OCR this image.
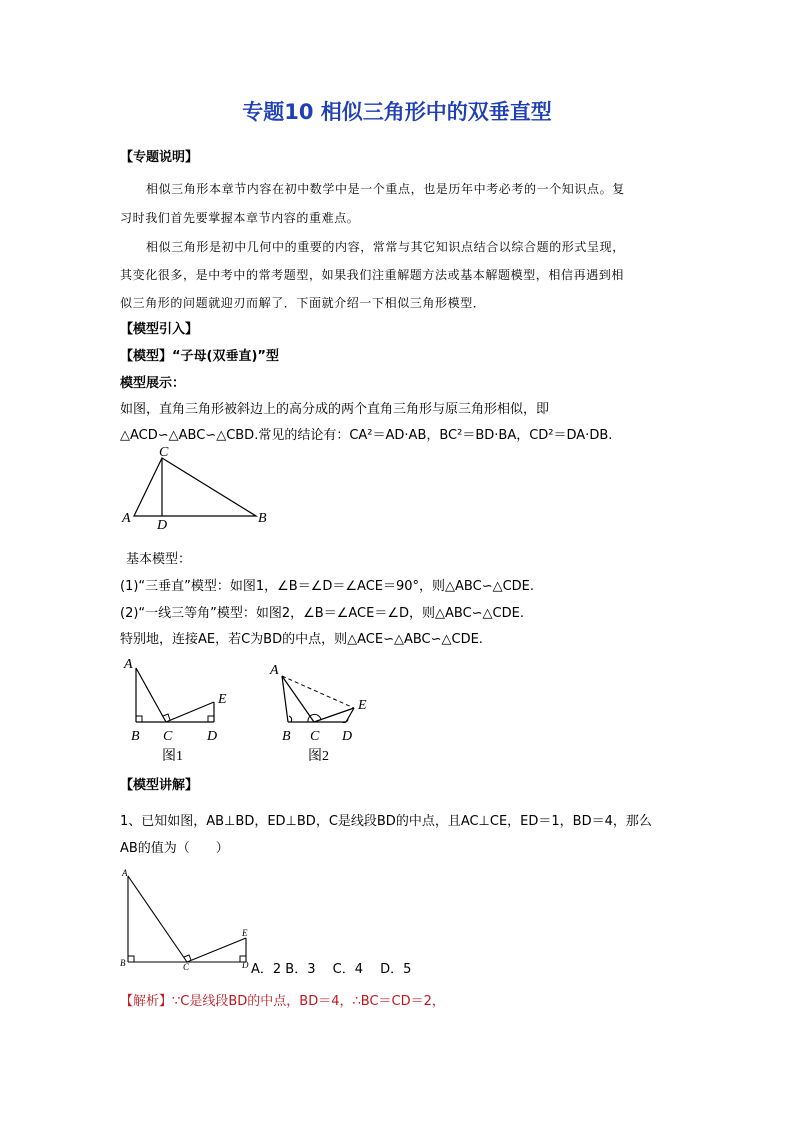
专题10 相似三角形中的双垂直型
【专题说明】
相似三角形本章节内容在初中数学中是一个重点，也是历年中考必考的一个知识点。复
习时我们首先要掌握本章节内容的重难点。
相似三角形是初中几何中的重要的内容，常常与其它知识点结合以综合题的形式呈现，
其变化很多，是中考中的常考题型，如果我们注重解题方法或基本解题模型，相信再遇到相
似三角形的问题就迎刃而解了．下面就介绍一下相似三角形模型．
【模型引入】
【模型】“子母(双垂直)”型
模型展示：
如图，直角三角形被斜边上的高分成的两个直角三角形与原三角形相似，即
△ACD∽△ABC∽△CBD.常见的结论有：CA²＝AD·AB，BC²＝BD·BA，CD²＝DA·DB.
C
A D	B
基本模型：
(1)“三垂直”模型：如图1，∠B＝∠D＝∠ACE＝90°，则△ABC∽△CDE.
(2)“一线三等角”模型：如图2，∠B＝∠ACE＝∠D，则△ABC∽△CDE.
特别地，连接AE，若C为BD的中点，则△ACE∽△ABC∽△CDE.
A
B C D
E
图1
A
B C D
E
图2
【模型讲解】
1、已知如图，AB⊥BD，ED⊥BD，C是线段BD的中点，且AC⊥CE，ED＝1，BD＝4，那么
AB的值为（　　）
A
B	C	D
E
A．2 B．3　 C．4　 D．5
【解析】∵C是线段BD的中点，BD＝4，∴BC＝CD＝2，
